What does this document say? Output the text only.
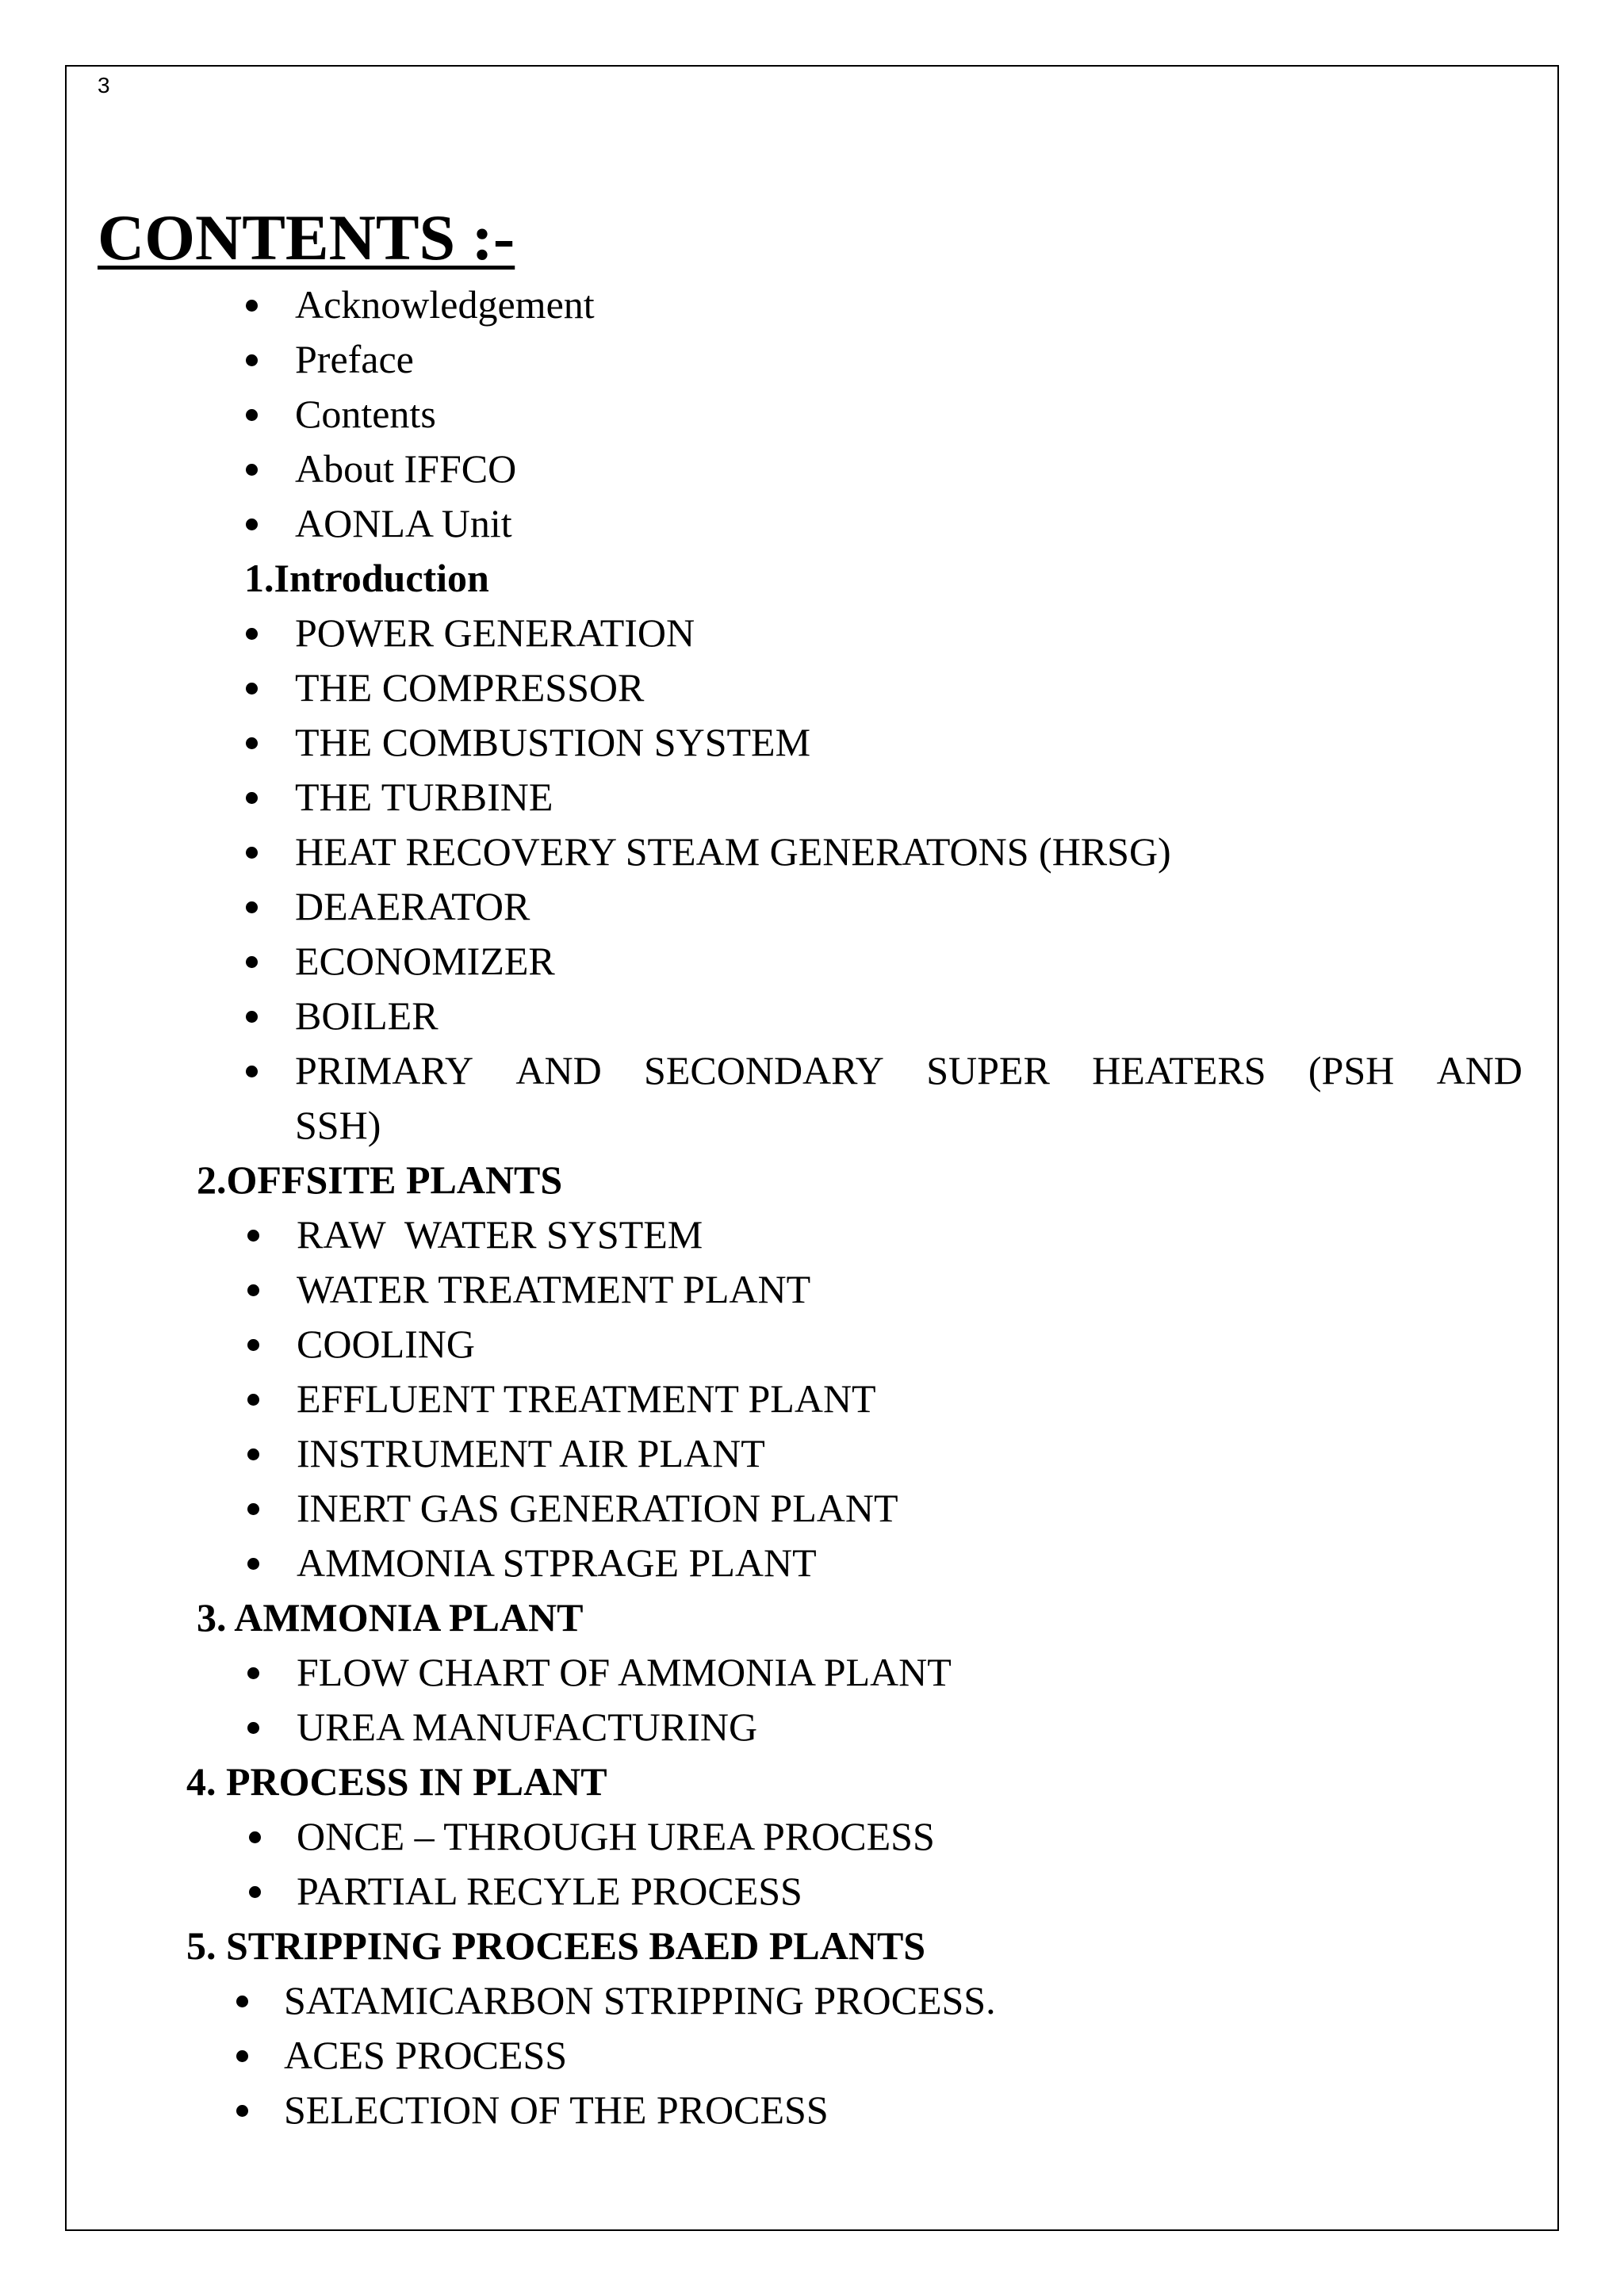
3
CONTENTS :-
Acknowledgement
Preface
Contents
About IFFCO
AONLA Unit
1.Introduction
POWER GENERATION
THE COMPRESSOR
THE COMBUSTION SYSTEM
THE TURBINE
HEAT RECOVERY STEAM GENERATONS (HRSG)
DEAERATOR
ECONOMIZER
BOILER
PRIMARY AND SECONDARY SUPER HEATERS (PSH AND
SSH)
2.OFFSITE PLANTS
RAW  WATER SYSTEM
WATER TREATMENT PLANT
COOLING
EFFLUENT TREATMENT PLANT
INSTRUMENT AIR PLANT
INERT GAS GENERATION PLANT
AMMONIA STPRAGE PLANT
3. AMMONIA PLANT
FLOW CHART OF AMMONIA PLANT
UREA MANUFACTURING
4. PROCESS IN PLANT
ONCE – THROUGH UREA PROCESS
PARTIAL RECYLE PROCESS
5. STRIPPING PROCEES BAED PLANTS
SATAMICARBON STRIPPING PROCESS.
ACES PROCESS
SELECTION OF THE PROCESS
